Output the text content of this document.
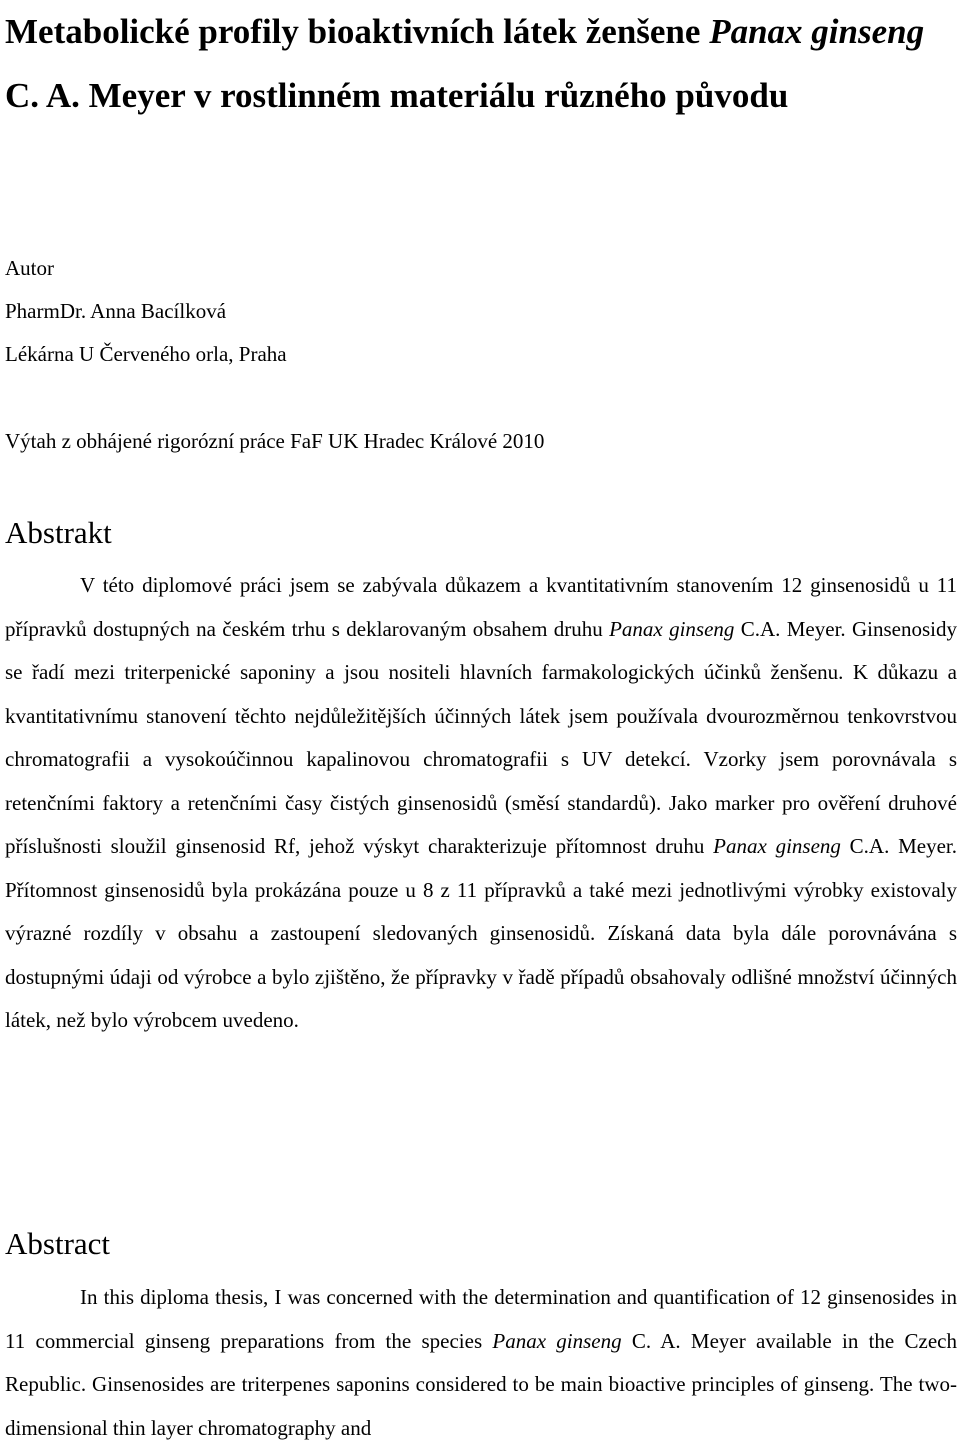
Metabolické profily bioaktivních látek ženšene Panax ginseng C. A. Meyer v rostlinném materiálu různého původu

Autor

PharmDr. Anna Bacílková

Lékárna U Červeného orla, Praha

Výtah z obhájené rigorózní práce FaF UK Hradec Králové 2010

Abstrakt

V této diplomové práci jsem se zabývala důkazem a kvantitativním stanovením 12 ginsenosidů u 11 přípravků dostupných na českém trhu s deklarovaným obsahem druhu Panax ginseng C.A. Meyer. Ginsenosidy se řadí mezi triterpenické saponiny a jsou nositeli hlavních farmakologických účinků ženšenu. K důkazu a kvantitativnímu stanovení těchto nejdůležitějších účinných látek jsem používala dvourozměrnou tenkovrstvou chromatografii a vysokoúčinnou kapalinovou chromatografii s UV detekcí. Vzorky jsem porovnávala s retenčními faktory a retenčními časy čistých ginsenosidů (směsí standardů). Jako marker pro ověření druhové příslušnosti sloužil ginsenosid Rf, jehož výskyt charakterizuje přítomnost druhu Panax ginseng C.A. Meyer. Přítomnost ginsenosidů byla prokázána pouze u 8 z 11 přípravků a také mezi jednotlivými výrobky existovaly výrazné rozdíly v obsahu a zastoupení sledovaných ginsenosidů. Získaná data byla dále porovnávána s dostupnými údaji od výrobce a bylo zjištěno, že přípravky v řadě případů obsahovaly odlišné množství účinných látek, než bylo výrobcem uvedeno.

Abstract

In this diploma thesis, I was concerned with the determination and quantification of 12 ginsenosides in 11 commercial ginseng preparations from the species Panax ginseng C. A. Meyer available in the Czech Republic. Ginsenosides are triterpenes saponins considered to be main bioactive principles of ginseng. The two-dimensional thin layer chromatography and
